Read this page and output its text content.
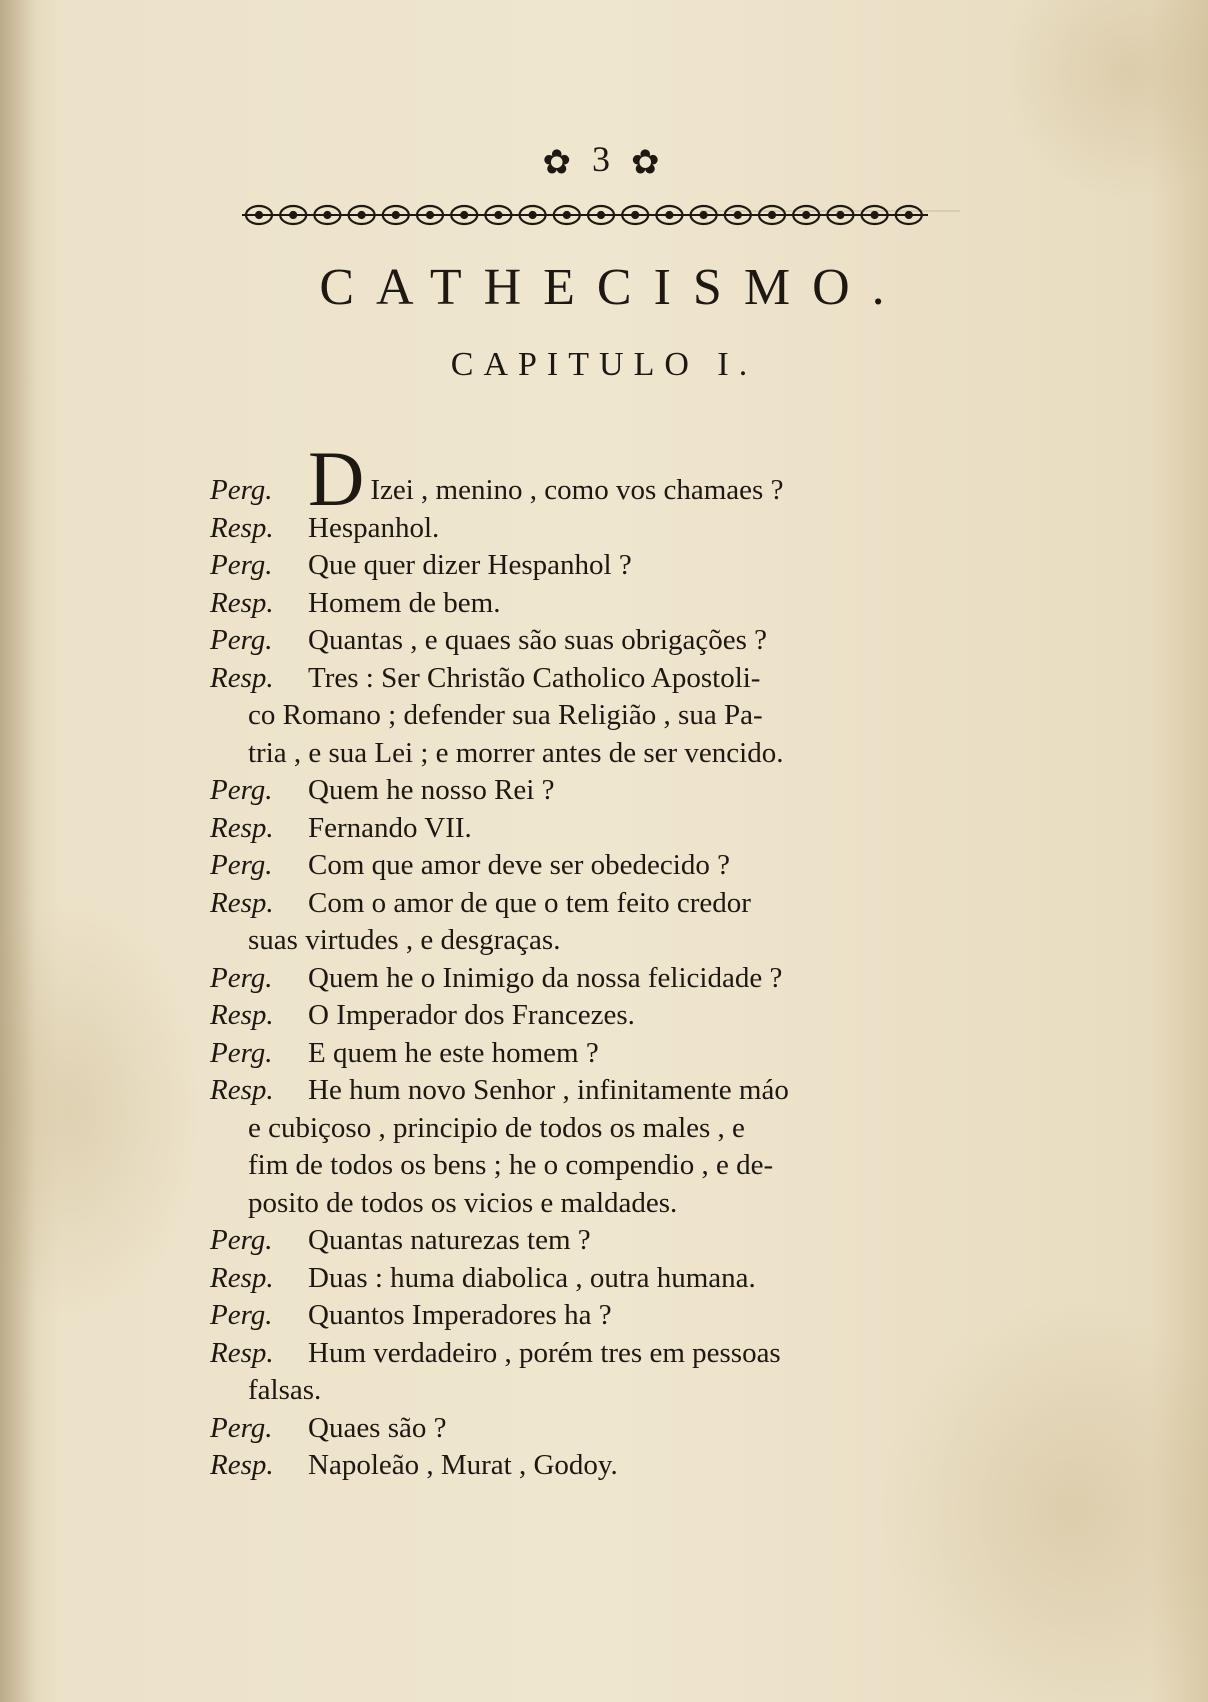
✿ 3 ✿
CATHECISMO.
CAPITULO I.
Perg. D Izei , menino , como vos chamaes ?
Resp. Hespanhol.
Perg. Que quer dizer Hespanhol ?
Resp. Homem de bem.
Perg. Quantas , e quaes são suas obrigações ?
Resp. Tres : Ser Christão Catholico Apostoli-
co Romano ; defender sua Religião , sua Pa-
tria , e sua Lei ; e morrer antes de ser vencido.
Perg. Quem he nosso Rei ?
Resp. Fernando VII.
Perg. Com que amor deve ser obedecido ?
Resp. Com o amor de que o tem feito credor
suas virtudes , e desgraças.
Perg. Quem he o Inimigo da nossa felicidade ?
Resp. O Imperador dos Francezes.
Perg. E quem he este homem ?
Resp. He hum novo Senhor , infinitamente máo
e cubiçoso , principio de todos os males , e
fim de todos os bens ; he o compendio , e de-
posito de todos os vicios e maldades.
Perg. Quantas naturezas tem ?
Resp. Duas : huma diabolica , outra humana.
Perg. Quantos Imperadores ha ?
Resp. Hum verdadeiro , porém tres em pessoas
falsas.
Perg. Quaes são ?
Resp. Napoleão , Murat , Godoy.
